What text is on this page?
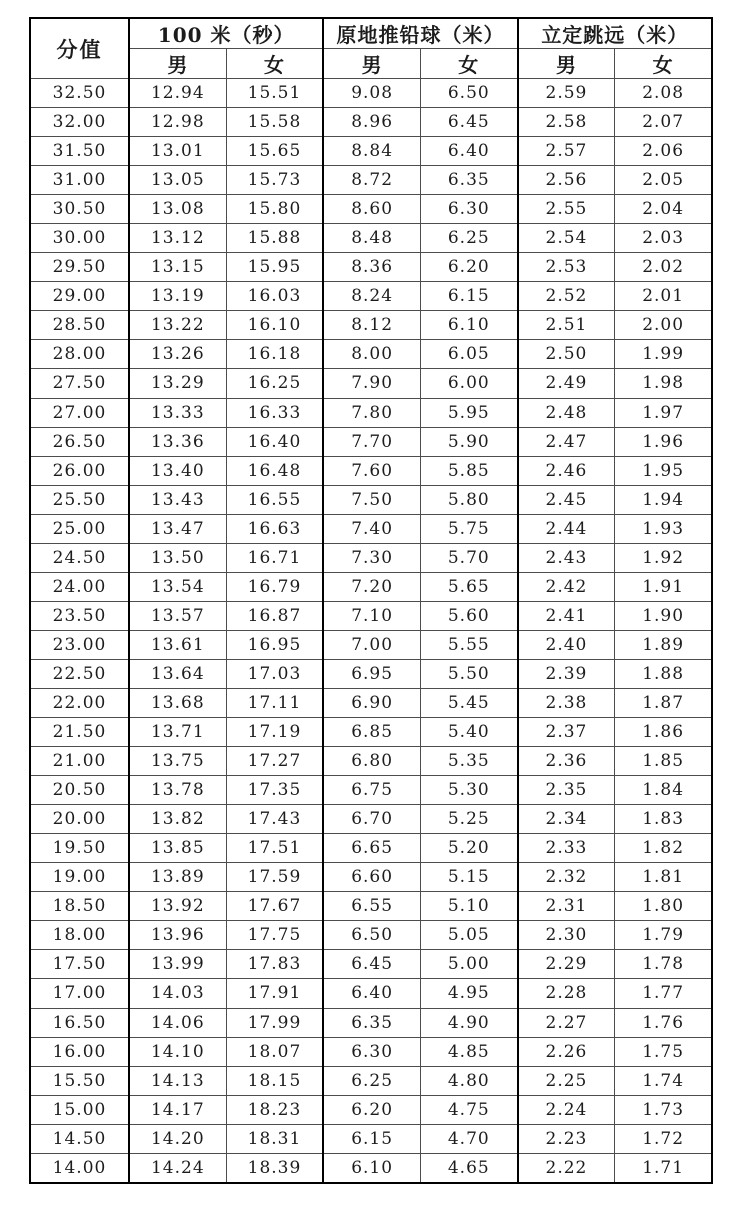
分值	100 米（秒）		原地推铅球（米）		立定跳远（米）	
	男	女	男	女	男	女
32.50	12.94	15.51	9.08	6.50	2.59	2.08
32.00	12.98	15.58	8.96	6.45	2.58	2.07
31.50	13.01	15.65	8.84	6.40	2.57	2.06
31.00	13.05	15.73	8.72	6.35	2.56	2.05
30.50	13.08	15.80	8.60	6.30	2.55	2.04
30.00	13.12	15.88	8.48	6.25	2.54	2.03
29.50	13.15	15.95	8.36	6.20	2.53	2.02
29.00	13.19	16.03	8.24	6.15	2.52	2.01
28.50	13.22	16.10	8.12	6.10	2.51	2.00
28.00	13.26	16.18	8.00	6.05	2.50	1.99
27.50	13.29	16.25	7.90	6.00	2.49	1.98
27.00	13.33	16.33	7.80	5.95	2.48	1.97
26.50	13.36	16.40	7.70	5.90	2.47	1.96
26.00	13.40	16.48	7.60	5.85	2.46	1.95
25.50	13.43	16.55	7.50	5.80	2.45	1.94
25.00	13.47	16.63	7.40	5.75	2.44	1.93
24.50	13.50	16.71	7.30	5.70	2.43	1.92
24.00	13.54	16.79	7.20	5.65	2.42	1.91
23.50	13.57	16.87	7.10	5.60	2.41	1.90
23.00	13.61	16.95	7.00	5.55	2.40	1.89
22.50	13.64	17.03	6.95	5.50	2.39	1.88
22.00	13.68	17.11	6.90	5.45	2.38	1.87
21.50	13.71	17.19	6.85	5.40	2.37	1.86
21.00	13.75	17.27	6.80	5.35	2.36	1.85
20.50	13.78	17.35	6.75	5.30	2.35	1.84
20.00	13.82	17.43	6.70	5.25	2.34	1.83
19.50	13.85	17.51	6.65	5.20	2.33	1.82
19.00	13.89	17.59	6.60	5.15	2.32	1.81
18.50	13.92	17.67	6.55	5.10	2.31	1.80
18.00	13.96	17.75	6.50	5.05	2.30	1.79
17.50	13.99	17.83	6.45	5.00	2.29	1.78
17.00	14.03	17.91	6.40	4.95	2.28	1.77
16.50	14.06	17.99	6.35	4.90	2.27	1.76
16.00	14.10	18.07	6.30	4.85	2.26	1.75
15.50	14.13	18.15	6.25	4.80	2.25	1.74
15.00	14.17	18.23	6.20	4.75	2.24	1.73
14.50	14.20	18.31	6.15	4.70	2.23	1.72
14.00	14.24	18.39	6.10	4.65	2.22	1.71
